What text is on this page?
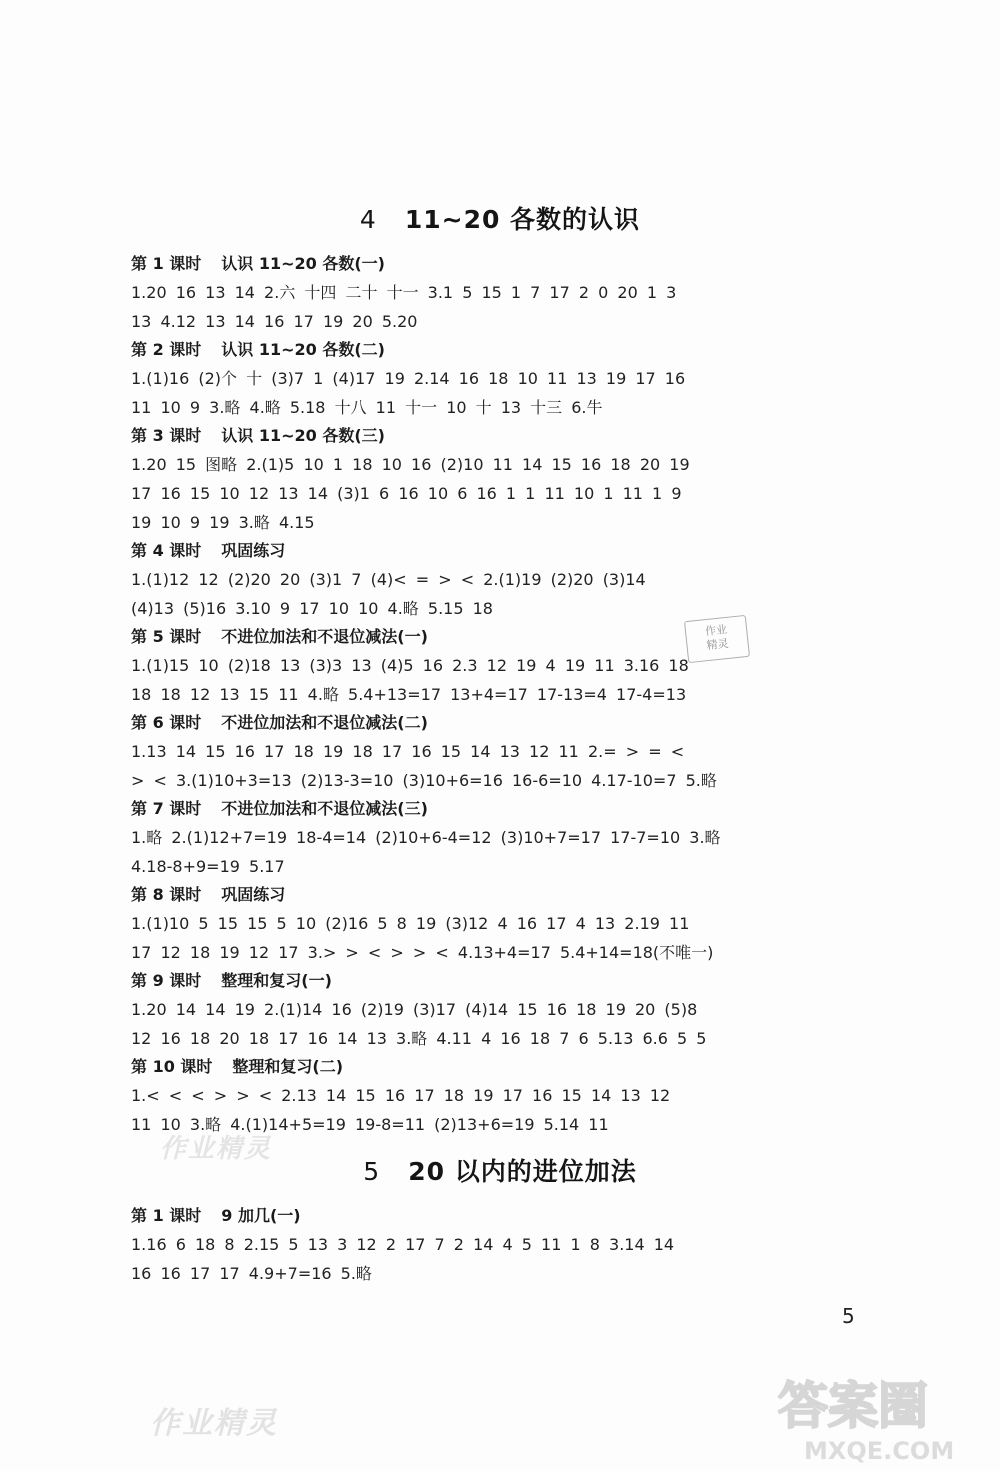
4 11~20 各数的认识
第 1 课时 认识 11~20 各数(一)
1.20 16 13 14 2.六 十四 二十 十一 3.1 5 15 1 7 17 2 0 20 1 3
13 4.12 13 14 16 17 19 20 5.20
第 2 课时 认识 11~20 各数(二)
1.(1)16 (2)个 十 (3)7 1 (4)17 19 2.14 16 18 10 11 13 19 17 16
11 10 9 3.略 4.略 5.18 十八 11 十一 10 十 13 十三 6.牛
第 3 课时 认识 11~20 各数(三)
1.20 15 图略 2.(1)5 10 1 18 10 16 (2)10 11 14 15 16 18 20 19
17 16 15 10 12 13 14 (3)1 6 16 10 6 16 1 1 11 10 1 11 1 9
19 10 9 19 3.略 4.15
第 4 课时 巩固练习
1.(1)12 12 (2)20 20 (3)1 7 (4)< = > < 2.(1)19 (2)20 (3)14
(4)13 (5)16 3.10 9 17 10 10 4.略 5.15 18
第 5 课时 不进位加法和不退位减法(一)
1.(1)15 10 (2)18 13 (3)3 13 (4)5 16 2.3 12 19 4 19 11 3.16 18
18 18 12 13 15 11 4.略 5.4+13=17 13+4=17 17-13=4 17-4=13
第 6 课时 不进位加法和不退位减法(二)
1.13 14 15 16 17 18 19 18 17 16 15 14 13 12 11 2.= > = <
> < 3.(1)10+3=13 (2)13-3=10 (3)10+6=16 16-6=10 4.17-10=7 5.略
第 7 课时 不进位加法和不退位减法(三)
1.略 2.(1)12+7=19 18-4=14 (2)10+6-4=12 (3)10+7=17 17-7=10 3.略
4.18-8+9=19 5.17
第 8 课时 巩固练习
1.(1)10 5 15 15 5 10 (2)16 5 8 19 (3)12 4 16 17 4 13 2.19 11
17 12 18 19 12 17 3.> > < > > < 4.13+4=17 5.4+14=18(不唯一)
第 9 课时 整理和复习(一)
1.20 14 14 19 2.(1)14 16 (2)19 (3)17 (4)14 15 16 18 19 20 (5)8
12 16 18 20 18 17 16 14 13 3.略 4.11 4 16 18 7 6 5.13 6.6 5 5
第 10 课时 整理和复习(二)
1.< < < > > < 2.13 14 15 16 17 18 19 17 16 15 14 13 12
11 10 3.略 4.(1)14+5=19 19-8=11 (2)13+6=19 5.14 11
5 20 以内的进位加法
第 1 课时 9 加几(一)
1.16 6 18 8 2.15 5 13 3 12 2 17 7 2 14 4 5 11 1 8 3.14 14
16 16 17 17 4.9+7=16 5.略
5
作业
精灵
作业精灵
作业精灵	答案圈
MXQE.COM
